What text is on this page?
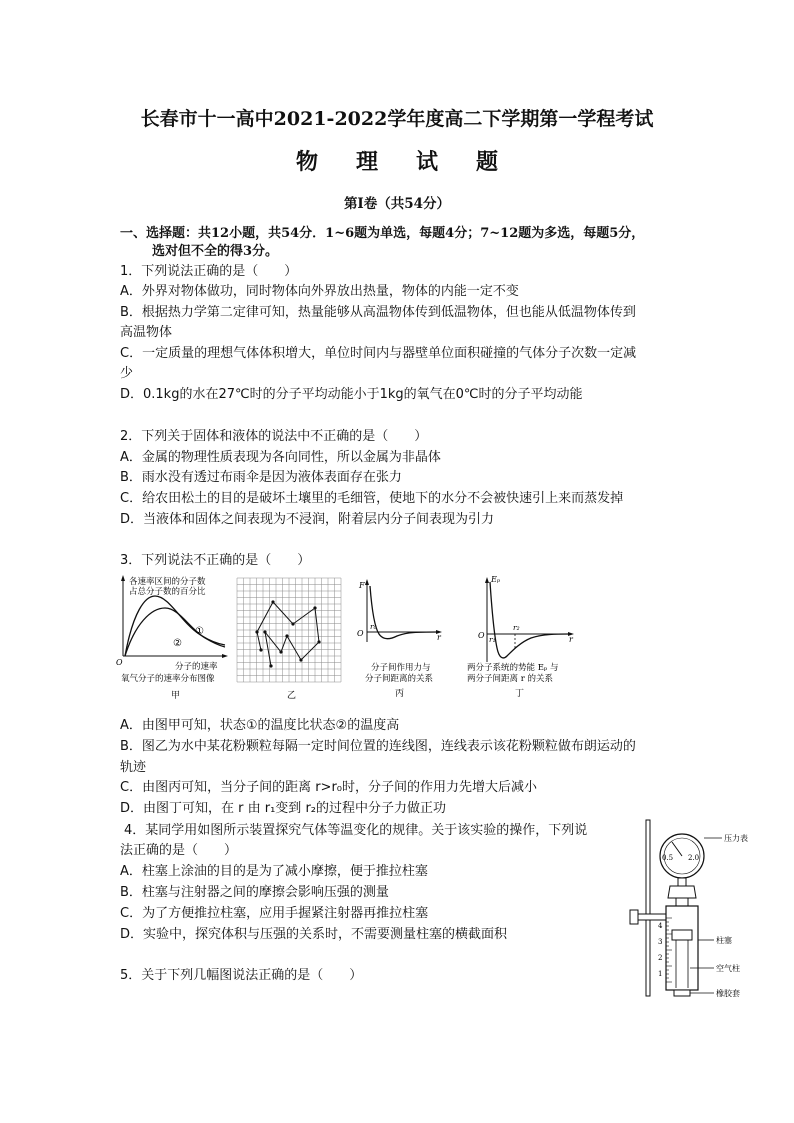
长春市十一高中2021-2022学年度高二下学期第一学程考试
物 理 试 题
第Ⅰ卷（共54分）
一、选择题：共12小题，共54分．1~6题为单选，每题4分；7~12题为多选，每题5分，
选对但不全的得3分。
1．下列说法正确的是（　　）
A．外界对物体做功，同时物体向外界放出热量，物体的内能一定不变
B．根据热力学第二定律可知，热量能够从高温物体传到低温物体，但也能从低温物体传到
高温物体
C．一定质量的理想气体体积增大，单位时间内与器壁单位面积碰撞的气体分子次数一定减
少
D．0.1kg的水在27℃时的分子平均动能小于1kg的氧气在0℃时的分子平均动能
2．下列关于固体和液体的说法中不正确的是（　　）
A．金属的物理性质表现为各向同性，所以金属为非晶体
B．雨水没有透过布雨伞是因为液体表面存在张力
C．给农田松土的目的是破坏土壤里的毛细管，使地下的水分不会被快速引上来而蒸发掉
D．当液体和固体之间表现为不浸润，附着层内分子间表现为引力
3．下列说法不正确的是（　　）
各速率区间的分子数
占总分子数的百分比
O
①
②
分子的速率
氧气分子的速率分布图像
甲	乙
F
r
O
r₀
分子间作用力与
分子间距离的关系
丙
Eₚ
r
O r₁
r₂
两分子系统的势能 Eₚ 与
两分子间距离 r 的关系
丁
A．由图甲可知，状态①的温度比状态②的温度高
B．图乙为水中某花粉颗粒每隔一定时间位置的连线图，连线表示该花粉颗粒做布朗运动的
轨迹
C．由图丙可知，当分子间的距离 r>r₀时，分子间的作用力先增大后减小
D．由图丁可知，在 r 由 r₁变到 r₂的过程中分子力做正功
4．某同学用如图所示装置探究气体等温变化的规律。关于该实验的操作，下列说
法正确的是（　　）
A．柱塞上涂油的目的是为了减小摩擦，便于推拉柱塞
B．柱塞与注射器之间的摩擦会影响压强的测量
C．为了方便推拉柱塞，应用手握紧注射器再推拉柱塞
D．实验中，探究体积与压强的关系时，不需要测量柱塞的横截面积
0.5 2.0
4
3
2
1
压力表
柱塞
空气柱
橡胶套
5．关于下列几幅图说法正确的是（　　）
